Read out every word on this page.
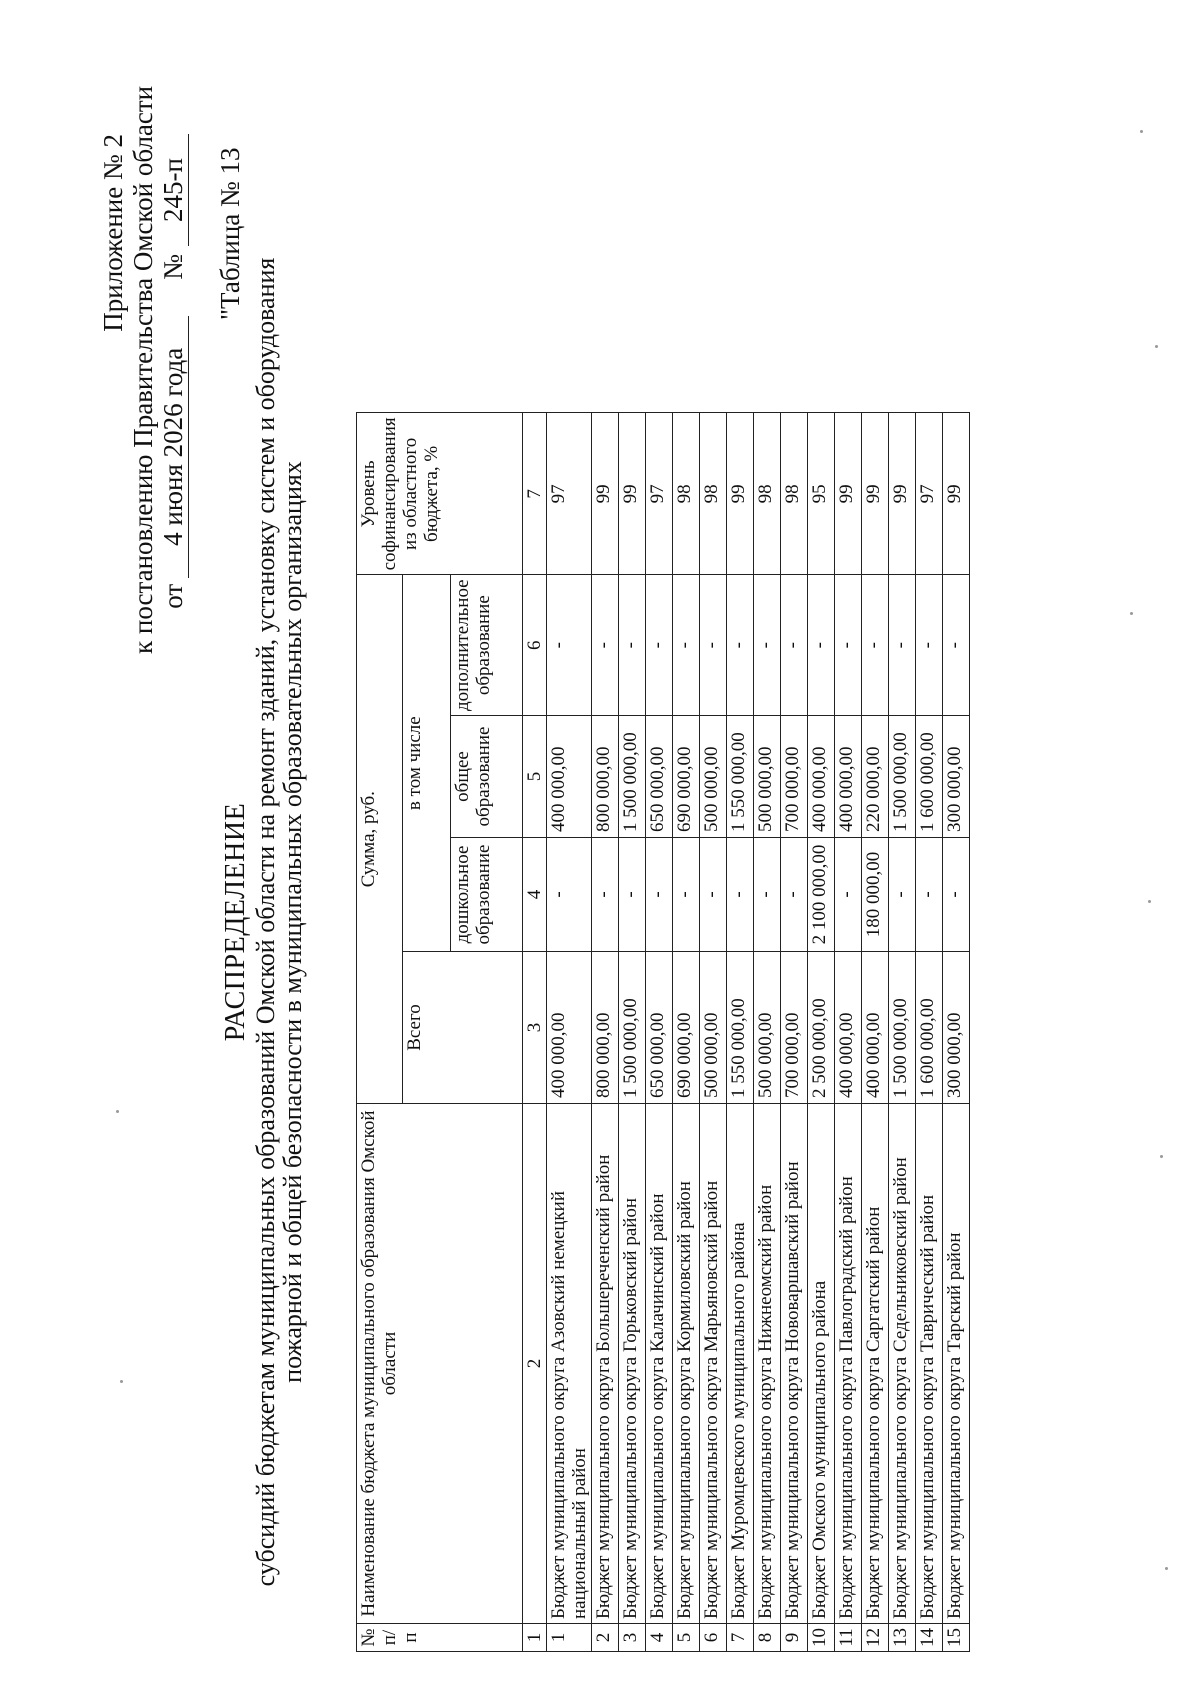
Приложение № 2 к постановлению Правительства Омской области от
4 июня 2026 года
№
245-п "Таблица № 13
РАСПРЕДЕЛЕНИЕ субсидий бюджетам муниципальных образований Омской области на ремонт зданий, установку систем и оборудования
пожарной и общей безопасности в муниципальных образовательных организациях
№ п/п	Наименование бюджета муниципального образования Омской области	Сумма, руб.				Уровень софинансирования из областного бюджета, %
		Всего	в том числе			
			дошкольное образование	общее образование	дополнительное образование	
1	2	3	4	5	6	7
1	Бюджет муниципального округа Азовский немецкий национальный район	400 000,00	-	400 000,00	-	97
2	Бюджет муниципального округа Большереченский район	800 000,00	-	800 000,00	-	99
3	Бюджет муниципального округа Горьковский район	1 500 000,00	-	1 500 000,00	-	99
4	Бюджет муниципального округа Калачинский район	650 000,00	-	650 000,00	-	97
5	Бюджет муниципального округа Кормиловский район	690 000,00	-	690 000,00	-	98
6	Бюджет муниципального округа Марьяновский район	500 000,00	-	500 000,00	-	98
7	Бюджет Муромцевского муниципального района	1 550 000,00	-	1 550 000,00	-	99
8	Бюджет муниципального округа Нижнеомский район	500 000,00	-	500 000,00	-	98
9	Бюджет муниципального округа Нововаршавский район	700 000,00	-	700 000,00	-	98
10	Бюджет Омского муниципального района	2 500 000,00	2 100 000,00	400 000,00	-	95
11	Бюджет муниципального округа Павлоградский район	400 000,00	-	400 000,00	-	99
12	Бюджет муниципального округа Саргатский район	400 000,00	180 000,00	220 000,00	-	99
13	Бюджет муниципального округа Седельниковский район	1 500 000,00	-	1 500 000,00	-	99
14	Бюджет муниципального округа Таврический район	1 600 000,00	-	1 600 000,00	-	97
15	Бюджет муниципального округа Тарский район	300 000,00	-	300 000,00	-	99
